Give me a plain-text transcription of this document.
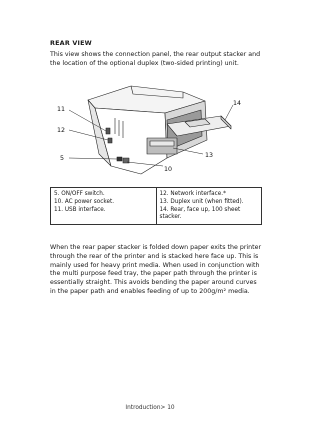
REAR VIEW
This view shows the connection panel, the rear output stacker and the location of the optional duplex (two-sided printing) unit.
11
12
5
10
13
14
5. ON/OFF switch.
10. AC power socket.
11. USB interface.

12. Network interface.*
13. Duplex unit (when fitted).
14. Rear, face up, 100 sheet stacker.
When the rear paper stacker is folded down paper exits the printer through the rear of the printer and is stacked here face up. This is mainly used for heavy print media. When used in conjunction with the multi purpose feed tray, the paper path through the printer is essentially straight. This avoids bending the paper around curves in the paper path and enables feeding of up to 200g/m² media.
Introduction> 10
